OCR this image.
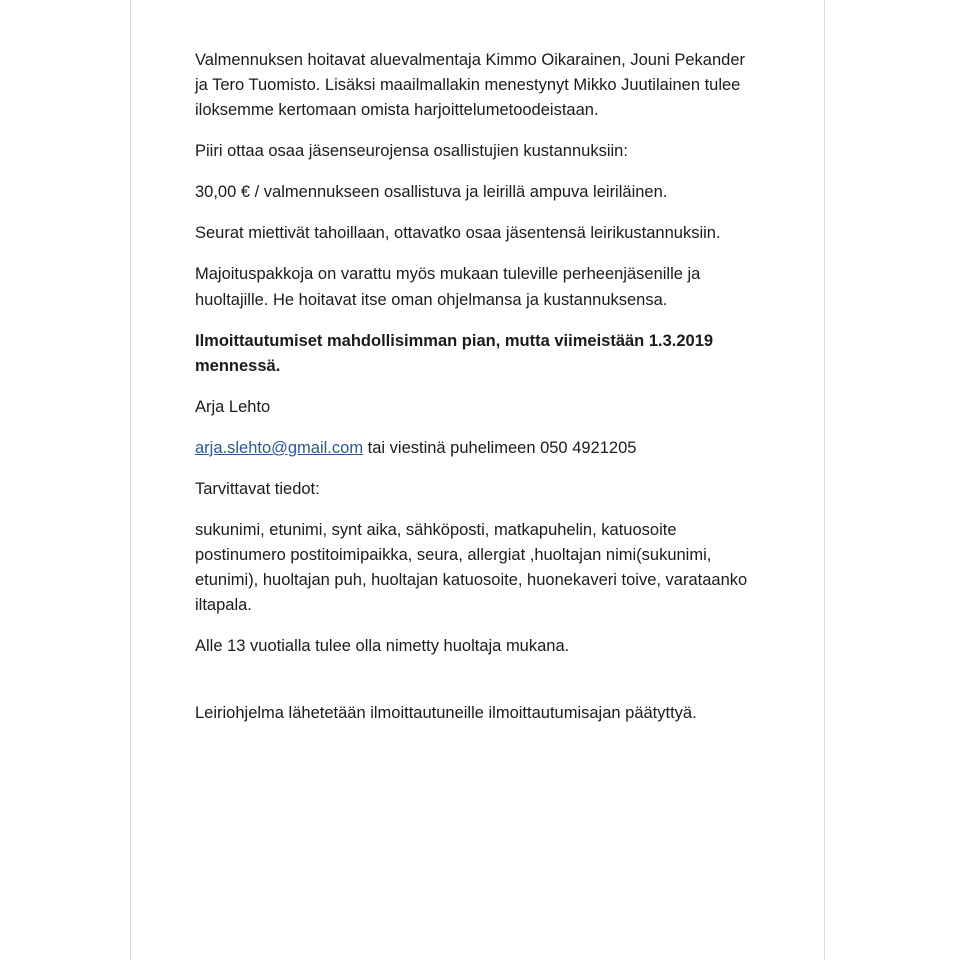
Valmennuksen hoitavat aluevalmentaja Kimmo Oikarainen, Jouni Pekander ja Tero Tuomisto. Lisäksi maailmallakin menestynyt Mikko Juutilainen tulee iloksemme kertomaan omista harjoittelumetoodeistaan.

Piiri ottaa osaa jäsenseurojensa osallistujien kustannuksiin:

30,00 € / valmennukseen osallistuva ja leirillä ampuva leiriläinen.

Seurat miettivät tahoillaan, ottavatko osaa jäsentensä leirikustannuksiin.

Majoituspakkoja on varattu myös mukaan tuleville perheenjäsenille ja huoltajille. He hoitavat itse oman ohjelmansa ja kustannuksensa.

Ilmoittautumiset mahdollisimman pian, mutta viimeistään 1.3.2019 mennessä.

Arja Lehto

arja.slehto@gmail.com tai viestinä puhelimeen 050 4921205

Tarvittavat tiedot:

sukunimi, etunimi, synt aika, sähköposti, matkapuhelin, katuosoite postinumero postitoimipaikka, seura, allergiat ,huoltajan nimi(sukunimi, etunimi), huoltajan puh, huoltajan katuosoite, huonekaveri toive, varataanko iltapala.

Alle 13 vuotialla tulee olla nimetty huoltaja mukana.

Leiriohjelma lähetetään ilmoittautuneille ilmoittautumisajan päätyttyä.
